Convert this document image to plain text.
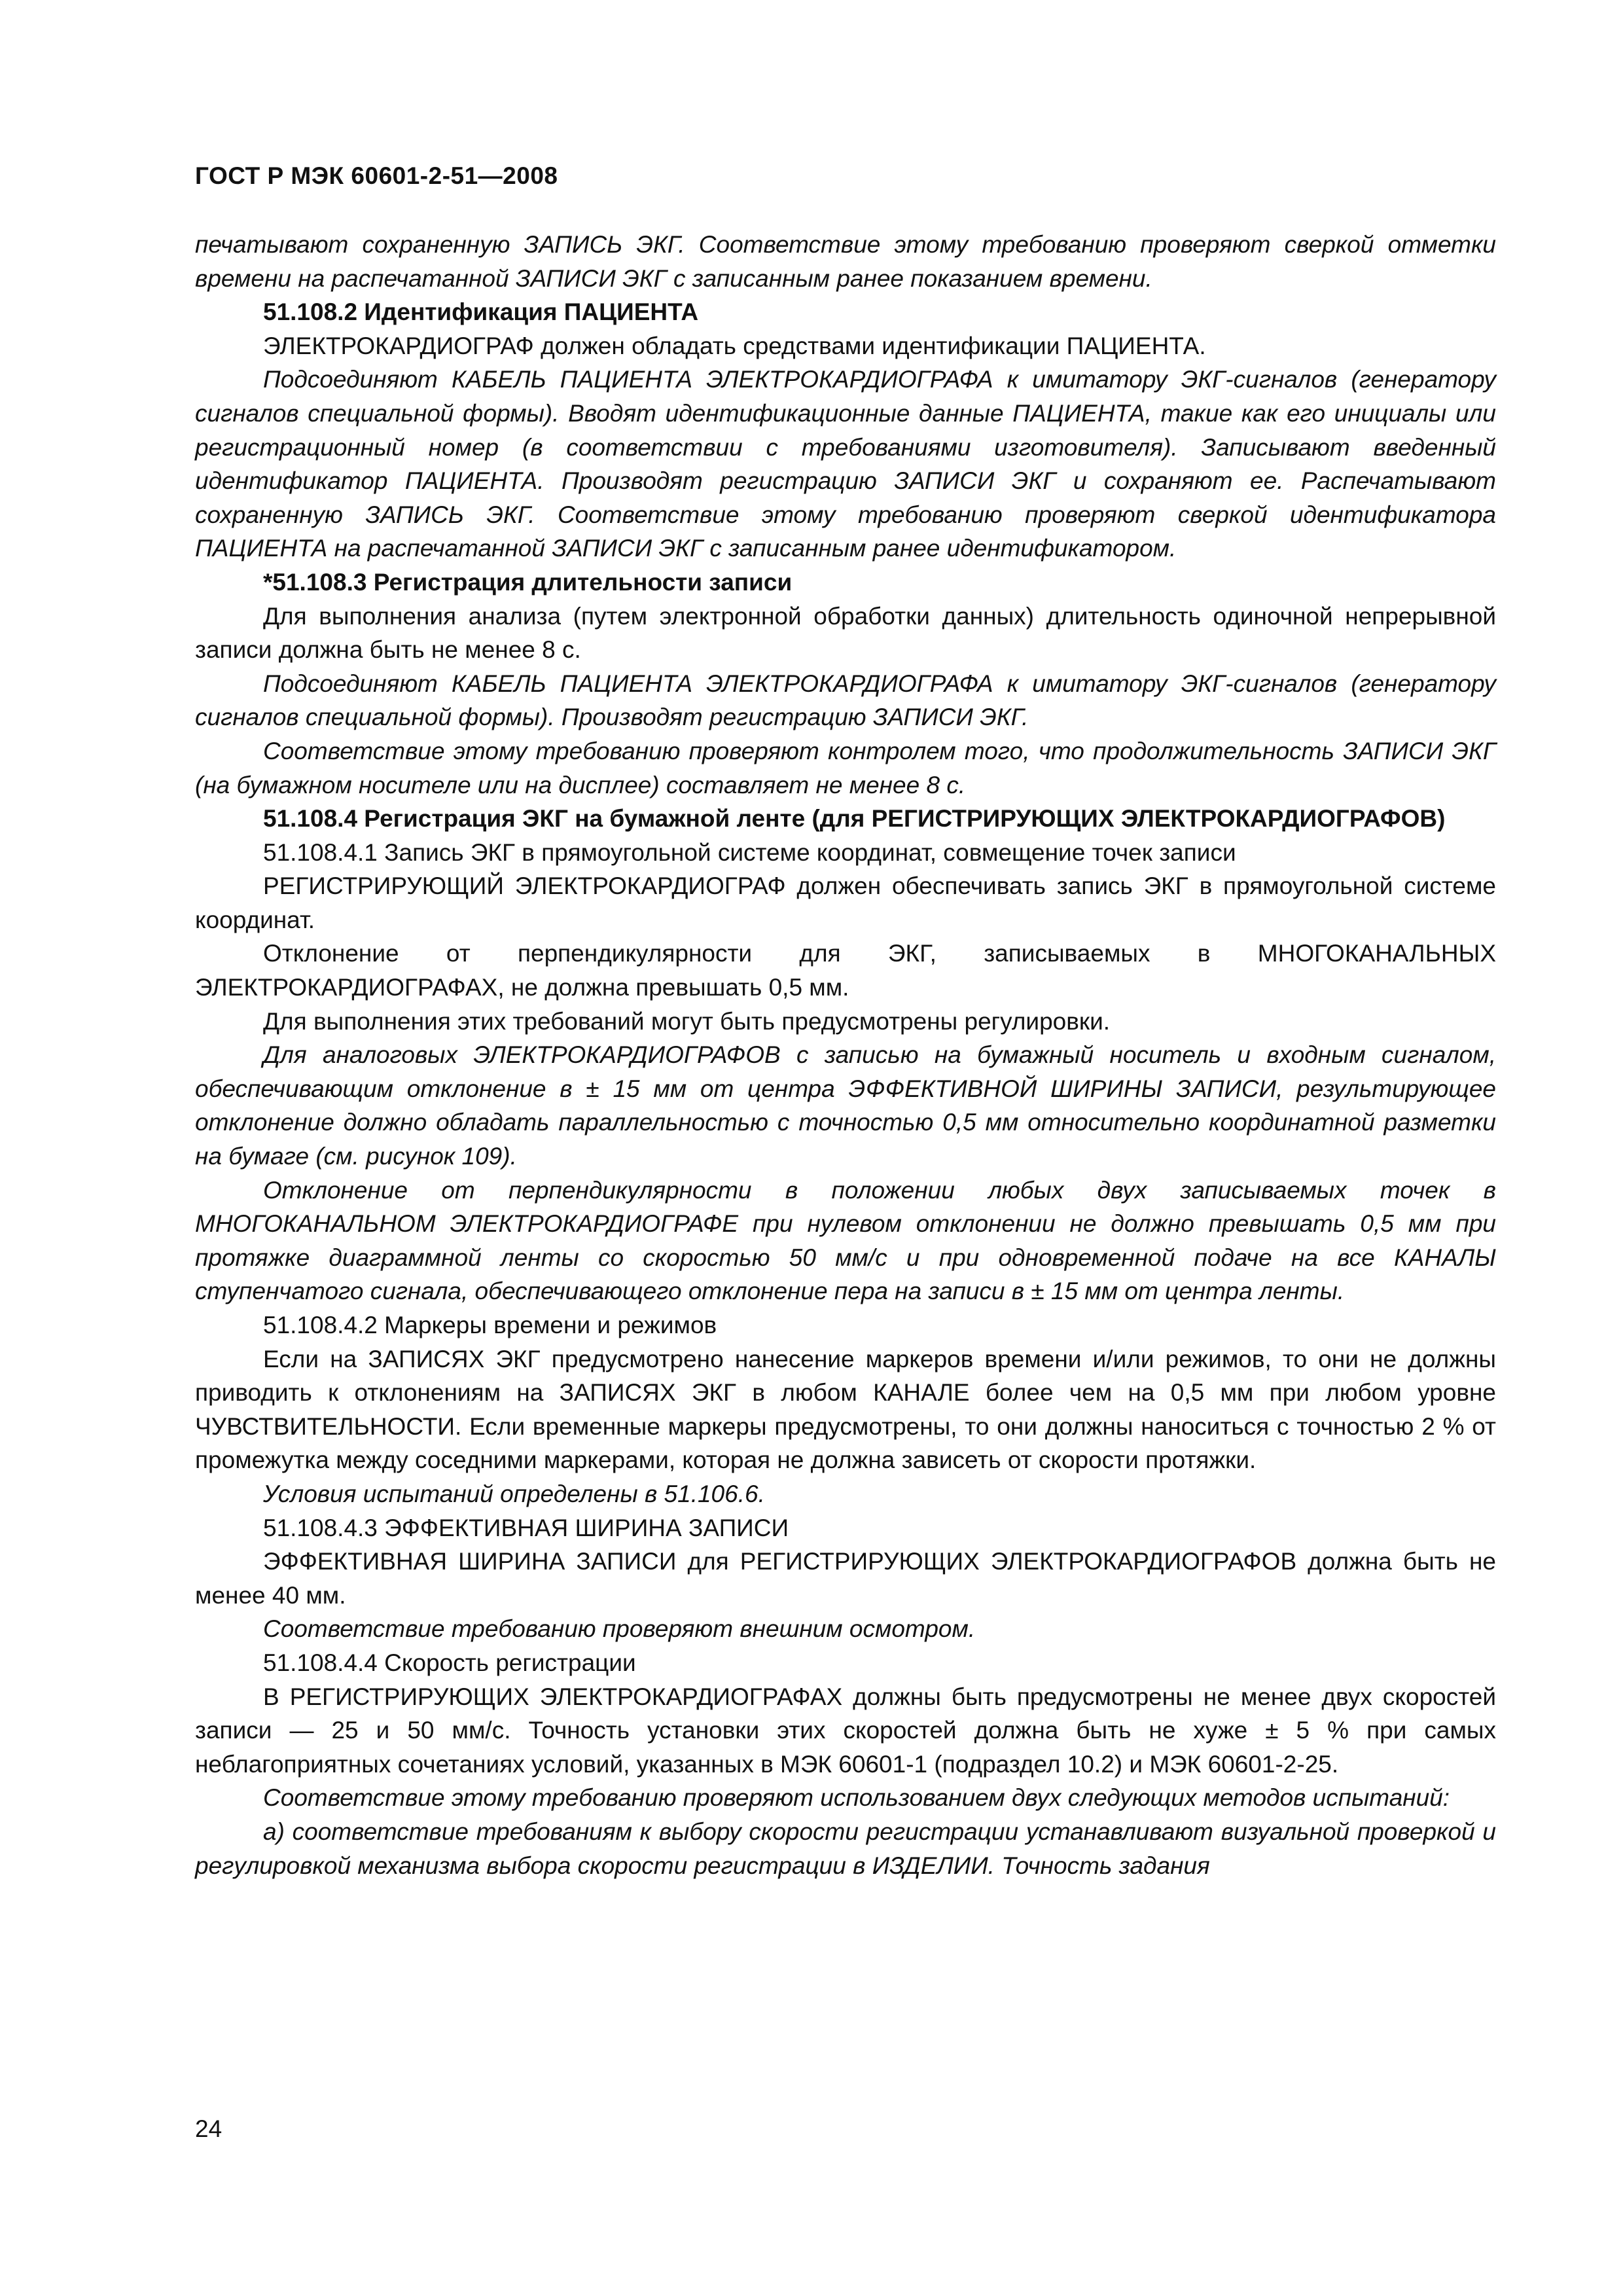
ГОСТ Р МЭК 60601-2-51—2008

печатывают сохраненную ЗАПИСЬ ЭКГ. Соответствие этому требованию проверяют сверкой отметки времени на распечатанной ЗАПИСИ ЭКГ с записанным ранее показанием времени.

51.108.2 Идентификация ПАЦИЕНТА

ЭЛЕКТРОКАРДИОГРАФ должен обладать средствами идентификации ПАЦИЕНТА.

Подсоединяют КАБЕЛЬ ПАЦИЕНТА ЭЛЕКТРОКАРДИОГРАФА к имитатору ЭКГ-сигналов (генератору сигналов специальной формы). Вводят идентификационные данные ПАЦИЕНТА, такие как его инициалы или регистрационный номер (в соответствии с требованиями изготовителя). Записывают введенный идентификатор ПАЦИЕНТА. Производят регистрацию ЗАПИСИ ЭКГ и сохраняют ее. Распечатывают сохраненную ЗАПИСЬ ЭКГ. Соответствие этому требованию проверяют сверкой идентификатора ПАЦИЕНТА на распечатанной ЗАПИСИ ЭКГ с записанным ранее идентификатором.

*51.108.3 Регистрация длительности записи

Для выполнения анализа (путем электронной обработки данных) длительность одиночной непрерывной записи должна быть не менее 8 с.

Подсоединяют КАБЕЛЬ ПАЦИЕНТА ЭЛЕКТРОКАРДИОГРАФА к имитатору ЭКГ-сигналов (генератору сигналов специальной формы). Производят регистрацию ЗАПИСИ ЭКГ.

Соответствие этому требованию проверяют контролем того, что продолжительность ЗАПИСИ ЭКГ (на бумажном носителе или на дисплее) составляет не менее 8 с.

51.108.4 Регистрация ЭКГ на бумажной ленте (для РЕГИСТРИРУЮЩИХ ЭЛЕКТРОКАРДИОГРАФОВ)

51.108.4.1 Запись ЭКГ в прямоугольной системе координат, совмещение точек записи

РЕГИСТРИРУЮЩИЙ ЭЛЕКТРОКАРДИОГРАФ должен обеспечивать запись ЭКГ в прямоугольной системе координат.

Отклонение от перпендикулярности для ЭКГ, записываемых в МНОГОКАНАЛЬНЫХ ЭЛЕКТРОКАРДИОГРАФАХ, не должна превышать 0,5 мм.

Для выполнения этих требований могут быть предусмотрены регулировки.

Для аналоговых ЭЛЕКТРОКАРДИОГРАФОВ с записью на бумажный носитель и входным сигналом, обеспечивающим отклонение в ± 15 мм от центра ЭФФЕКТИВНОЙ ШИРИНЫ ЗАПИСИ, результирующее отклонение должно обладать параллельностью с точностью 0,5 мм относительно координатной разметки на бумаге (см. рисунок 109).

Отклонение от перпендикулярности в положении любых двух записываемых точек в МНОГОКАНАЛЬНОМ ЭЛЕКТРОКАРДИОГРАФЕ при нулевом отклонении не должно превышать 0,5 мм при протяжке диаграммной ленты со скоростью 50 мм/с и при одновременной подаче на все КАНАЛЫ ступенчатого сигнала, обеспечивающего отклонение пера на записи в ± 15 мм от центра ленты.

51.108.4.2 Маркеры времени и режимов

Если на ЗАПИСЯХ ЭКГ предусмотрено нанесение маркеров времени и/или режимов, то они не должны приводить к отклонениям на ЗАПИСЯХ ЭКГ в любом КАНАЛЕ более чем на 0,5 мм при любом уровне ЧУВСТВИТЕЛЬНОСТИ. Если временные маркеры предусмотрены, то они должны наноситься с точностью 2 % от промежутка между соседними маркерами, которая не должна зависеть от скорости протяжки.

Условия испытаний определены в 51.106.6.

51.108.4.3 ЭФФЕКТИВНАЯ ШИРИНА ЗАПИСИ

ЭФФЕКТИВНАЯ ШИРИНА ЗАПИСИ для РЕГИСТРИРУЮЩИХ ЭЛЕКТРОКАРДИОГРАФОВ должна быть не менее 40 мм.

Соответствие требованию проверяют внешним осмотром.

51.108.4.4 Скорость регистрации

В РЕГИСТРИРУЮЩИХ ЭЛЕКТРОКАРДИОГРАФАХ должны быть предусмотрены не менее двух скоростей записи — 25 и 50 мм/с. Точность установки этих скоростей должна быть не хуже ± 5 % при самых неблагоприятных сочетаниях условий, указанных в МЭК 60601-1 (подраздел 10.2) и МЭК 60601-2-25.

Соответствие этому требованию проверяют использованием двух следующих методов испытаний:

а) соответствие требованиям к выбору скорости регистрации устанавливают визуальной проверкой и регулировкой механизма выбора скорости регистрации в ИЗДЕЛИИ. Точность задания

24
